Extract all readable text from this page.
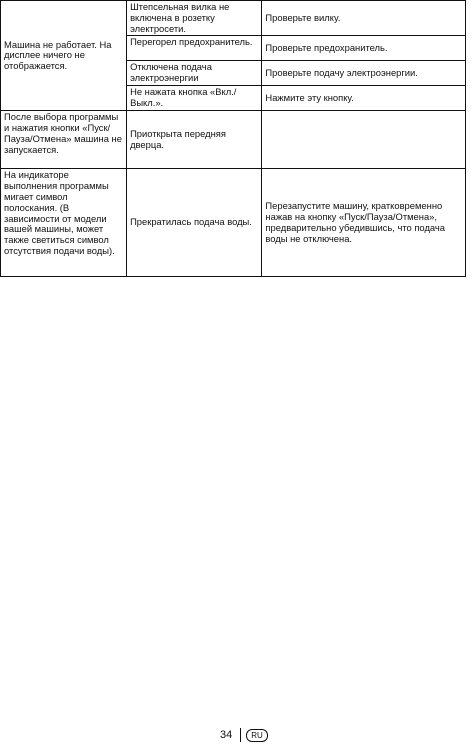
Машина не работает. На дисплее ничего не отображается.	Штепсельная вилка не включена в розетку электросети.	Проверьте вилку.
	Перегорел предохранитель.	Проверьте предохранитель.
	Отключена подача электроэнергии	Проверьте подачу электроэнергии.
	Не нажата кнопка «Вкл./Выкл.».	Нажмите эту кнопку.
После выбора программы и нажатия кнопки «Пуск/Пауза/Отмена» машина не запускается.	Приоткрыта передняя дверца.	
На индикаторе выполнения программы мигает символ полоскания. (В зависимости от модели вашей машины, может также светиться символ отсутствия подачи воды).	Прекратилась подача воды.	Перезапустите машину, кратковременно нажав на кнопку «Пуск/Пауза/Отмена», предварительно убедившись, что подача воды не отключена.
34	RU
